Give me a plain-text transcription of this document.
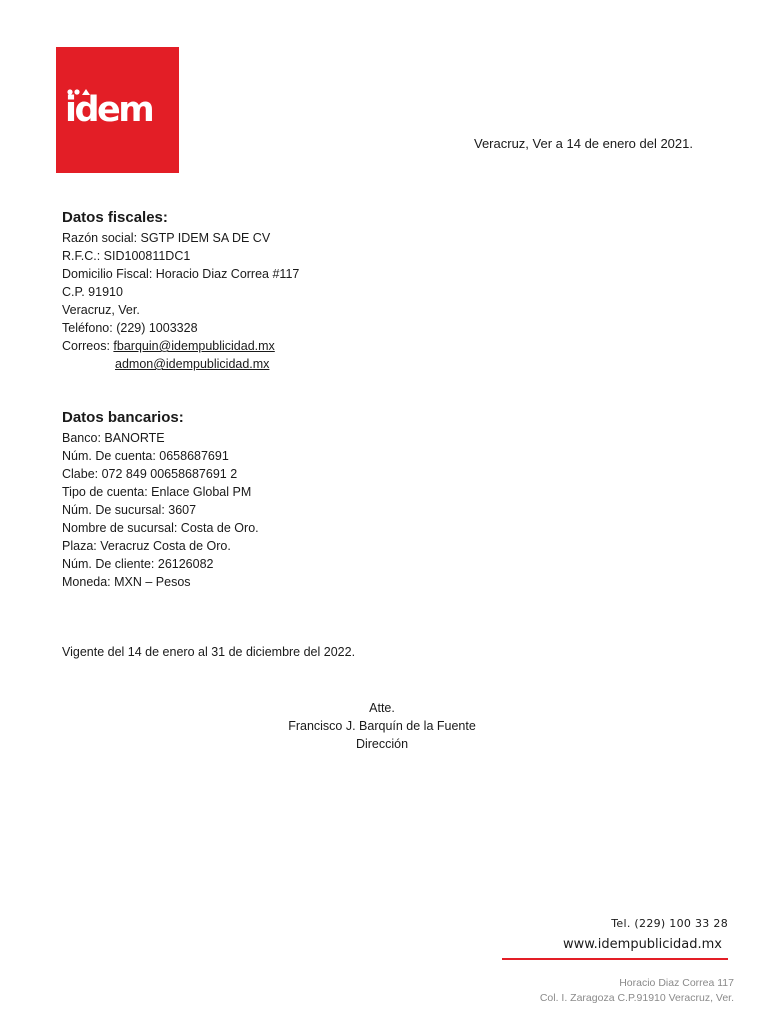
idem
Veracruz, Ver a 14 de enero del 2021.
Datos fiscales:
Razón social: SGTP IDEM SA DE CV
R.F.C.: SID100811DC1
Domicilio Fiscal: Horacio Diaz Correa #117
C.P. 91910
Veracruz, Ver.
Teléfono: (229) 1003328
Correos: fbarquin@idempublicidad.mx
admon@idempublicidad.mx
Datos bancarios:
Banco: BANORTE
Núm. De cuenta: 0658687691
Clabe: 072 849 00658687691 2
Tipo de cuenta: Enlace Global PM
Núm. De sucursal: 3607
Nombre de sucursal: Costa de Oro.
Plaza: Veracruz Costa de Oro.
Núm. De cliente: 26126082
Moneda: MXN – Pesos
Vigente del 14 de enero al 31 de diciembre del 2022.
Atte.
Francisco J. Barquín de la Fuente
Dirección
Tel. (229) 100 33 28
www.idempublicidad.mx
Horacio Diaz Correa 117
Col. I. Zaragoza C.P.91910 Veracruz, Ver.
